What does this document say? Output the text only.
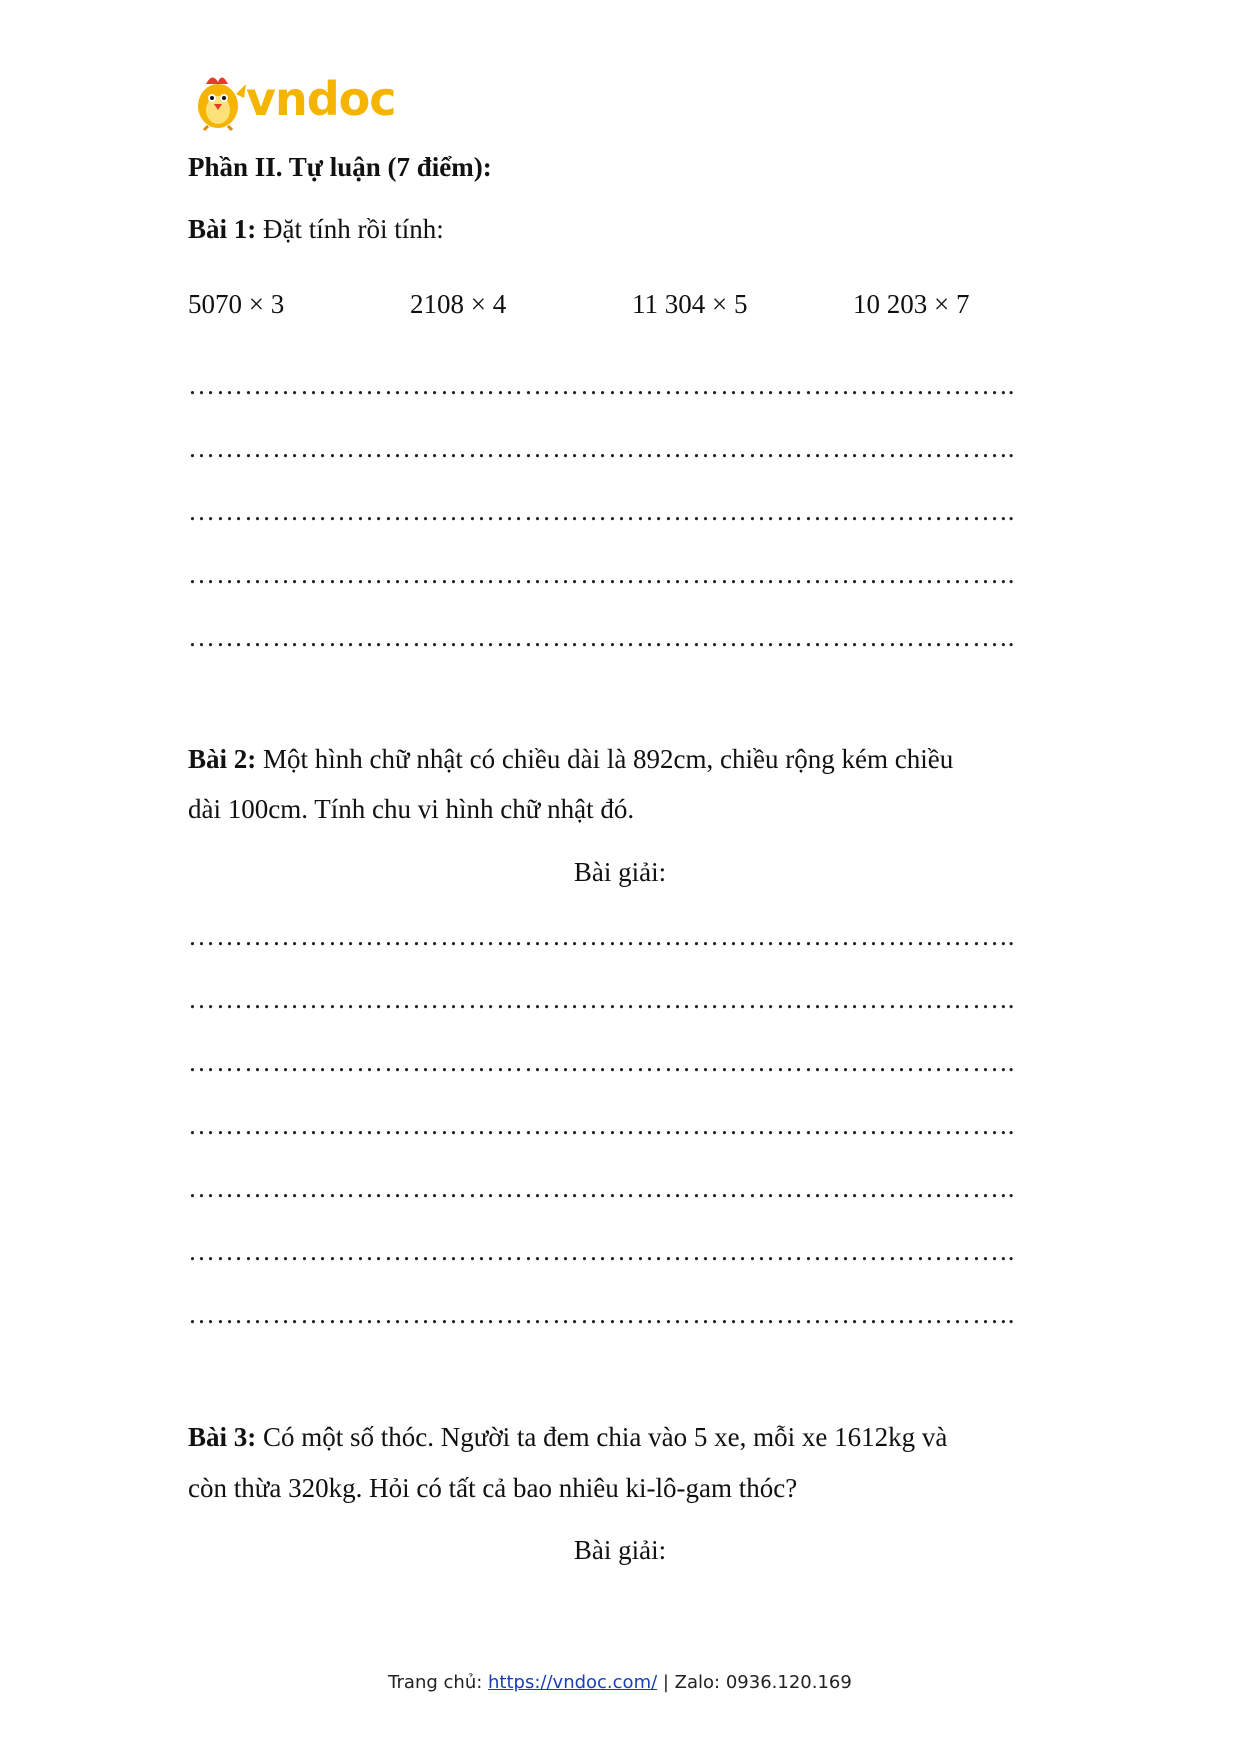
vndoc
Phần II. Tự luận (7 điểm):
Bài 1: Đặt tính rồi tính:
5070 × 3	2108 × 4	11 304 × 5	10 203 × 7
……………………………………………………………………………..
……………………………………………………………………………..
……………………………………………………………………………..
……………………………………………………………………………..
……………………………………………………………………………..
Bài 2: Một hình chữ nhật có chiều dài là 892cm, chiều rộng kém chiều
dài 100cm. Tính chu vi hình chữ nhật đó.
Bài giải:
……………………………………………………………………………..
……………………………………………………………………………..
……………………………………………………………………………..
……………………………………………………………………………..
……………………………………………………………………………..
……………………………………………………………………………..
……………………………………………………………………………..
Bài 3: Có một số thóc. Người ta đem chia vào 5 xe, mỗi xe 1612kg và
còn thừa 320kg. Hỏi có tất cả bao nhiêu ki-lô-gam thóc?
Bài giải:
Trang chủ: https://vndoc.com/ | Zalo: 0936.120.169
